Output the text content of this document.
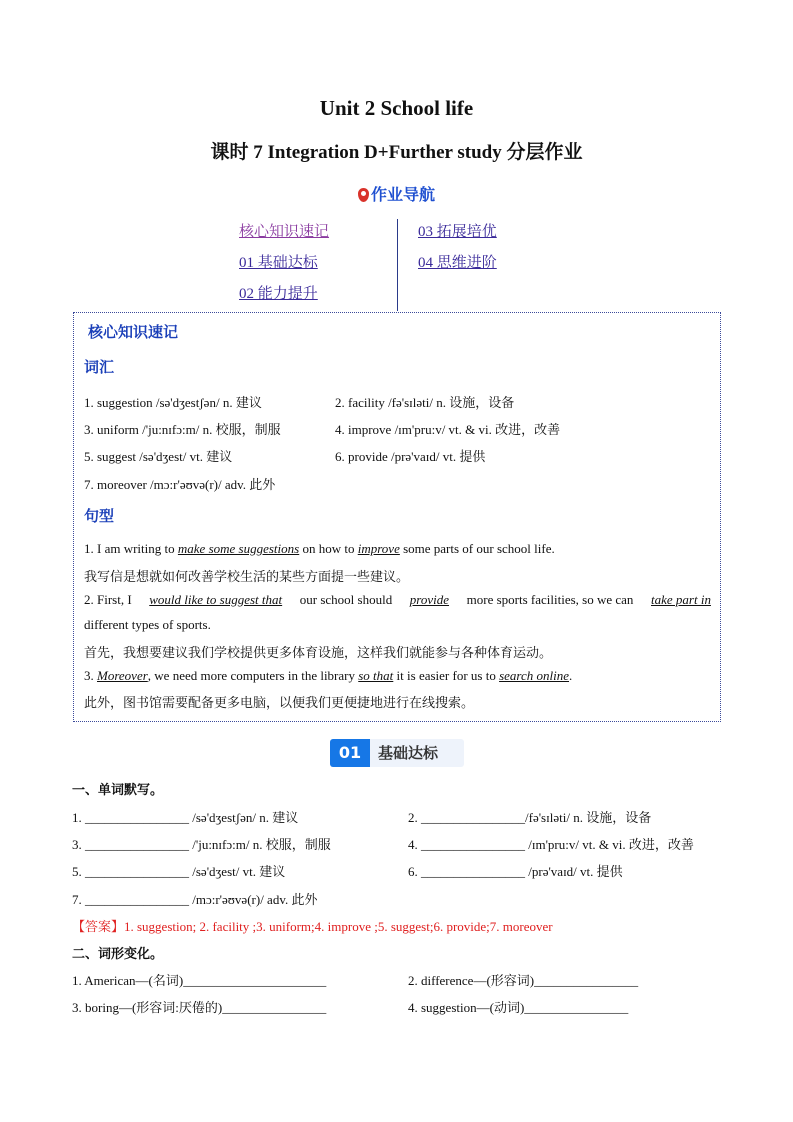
Unit 2 School life
课时 7 Integration D+Further study 分层作业
作业导航
核心知识速记
01 基础达标
02 能力提升
03 拓展培优
04 思维进阶
核心知识速记
词汇
1. suggestion /sə'dʒestʃən/ n. 建议	2. facility /fə'sɪləti/ n. 设施，设备
3. uniform /'ju:nɪfɔ:m/ n. 校服，制服	4. improve /ɪm'pru:v/ vt. & vi. 改进，改善
5. suggest /sə'dʒest/ vt. 建议	6. provide /prə'vaɪd/ vt. 提供
7. moreover /mɔ:r'əʊvə(r)/ adv. 此外
句型
1. I am writing to make some suggestions on how to improve some parts of our school life.
我写信是想就如何改善学校生活的某些方面提一些建议。
2. First, I would like to suggest that our school should provide more sports facilities, so we can take part in
different types of sports.
首先，我想要建议我们学校提供更多体育设施，这样我们就能参与各种体育运动。
3. Moreover, we need more computers in the library so that it is easier for us to search online.
此外，图书馆需要配备更多电脑，以便我们更便捷地进行在线搜索。
01	基础达标
一、单词默写。
1. ________________ /sə'dʒestʃən/ n. 建议	2. ________________/fə'sɪləti/ n. 设施，设备
3. ________________ /'ju:nɪfɔ:m/ n. 校服，制服	4. ________________ /ɪm'pru:v/ vt. & vi. 改进，改善
5. ________________ /sə'dʒest/ vt. 建议	6. ________________ /prə'vaɪd/ vt. 提供
7. ________________ /mɔ:r'əʊvə(r)/ adv. 此外
【答案】1. suggestion; 2. facility ;3. uniform;4. improve ;5. suggest;6. provide;7. moreover
二、词形变化。
1. American—(名词)______________________	2. difference—(形容词)________________
3. boring—(形容词:厌倦的)________________	4. suggestion—(动词)________________
